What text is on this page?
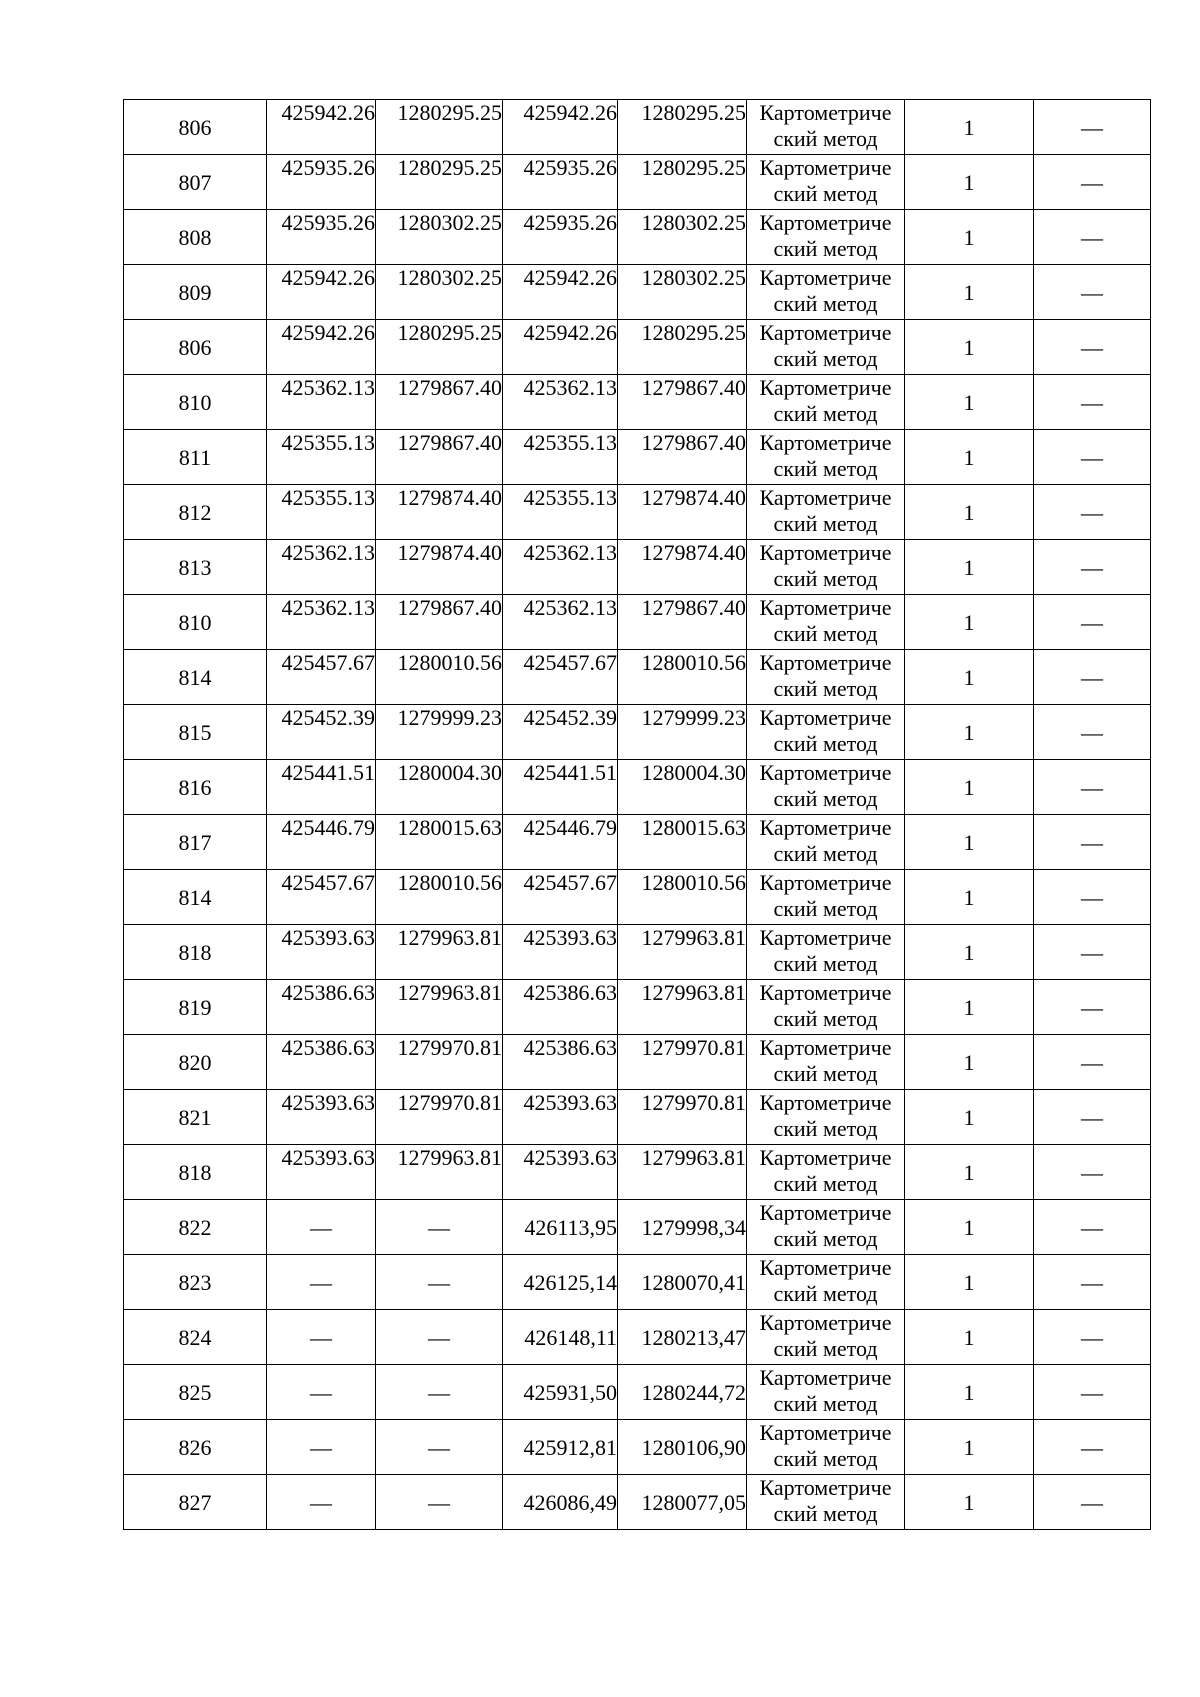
806	425942.26	1280295.25	425942.26	1280295.25	Картометриче
ский метод	1	—
807	425935.26	1280295.25	425935.26	1280295.25	Картометриче
ский метод	1	—
808	425935.26	1280302.25	425935.26	1280302.25	Картометриче
ский метод	1	—
809	425942.26	1280302.25	425942.26	1280302.25	Картометриче
ский метод	1	—
806	425942.26	1280295.25	425942.26	1280295.25	Картометриче
ский метод	1	—
810	425362.13	1279867.40	425362.13	1279867.40	Картометриче
ский метод	1	—
811	425355.13	1279867.40	425355.13	1279867.40	Картометриче
ский метод	1	—
812	425355.13	1279874.40	425355.13	1279874.40	Картометриче
ский метод	1	—
813	425362.13	1279874.40	425362.13	1279874.40	Картометриче
ский метод	1	—
810	425362.13	1279867.40	425362.13	1279867.40	Картометриче
ский метод	1	—
814	425457.67	1280010.56	425457.67	1280010.56	Картометриче
ский метод	1	—
815	425452.39	1279999.23	425452.39	1279999.23	Картометриче
ский метод	1	—
816	425441.51	1280004.30	425441.51	1280004.30	Картометриче
ский метод	1	—
817	425446.79	1280015.63	425446.79	1280015.63	Картометриче
ский метод	1	—
814	425457.67	1280010.56	425457.67	1280010.56	Картометриче
ский метод	1	—
818	425393.63	1279963.81	425393.63	1279963.81	Картометриче
ский метод	1	—
819	425386.63	1279963.81	425386.63	1279963.81	Картометриче
ский метод	1	—
820	425386.63	1279970.81	425386.63	1279970.81	Картометриче
ский метод	1	—
821	425393.63	1279970.81	425393.63	1279970.81	Картометриче
ский метод	1	—
818	425393.63	1279963.81	425393.63	1279963.81	Картометриче
ский метод	1	—
822	—	—	426113,95	1279998,34	Картометриче
ский метод	1	—
823	—	—	426125,14	1280070,41	Картометриче
ский метод	1	—
824	—	—	426148,11	1280213,47	Картометриче
ский метод	1	—
825	—	—	425931,50	1280244,72	Картометриче
ский метод	1	—
826	—	—	425912,81	1280106,90	Картометриче
ский метод	1	—
827	—	—	426086,49	1280077,05	Картометриче
ский метод	1	—
